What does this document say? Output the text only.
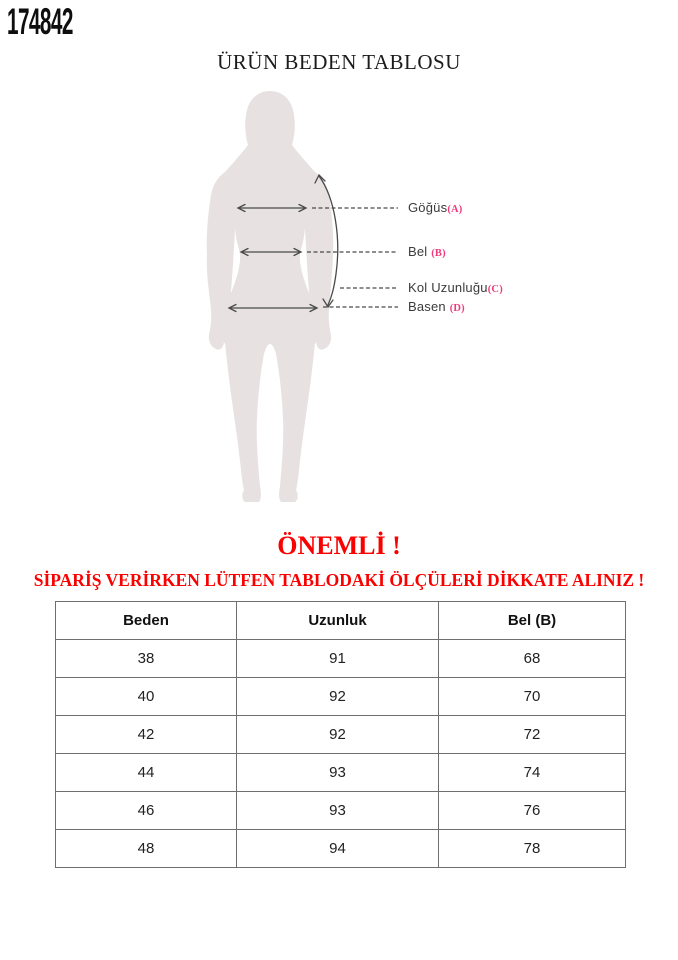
174842
ÜRÜN BEDEN TABLOSU
Göğüs(A)
Bel (B)
Kol Uzunluğu(C)
Basen (D)
ÖNEMLİ !
SİPARİŞ VERİRKEN LÜTFEN TABLODAKİ ÖLÇÜLERİ DİKKATE ALINIZ !
Beden	Uzunluk	Bel (B)
38	91	68
40	92	70
42	92	72
44	93	74
46	93	76
48	94	78
